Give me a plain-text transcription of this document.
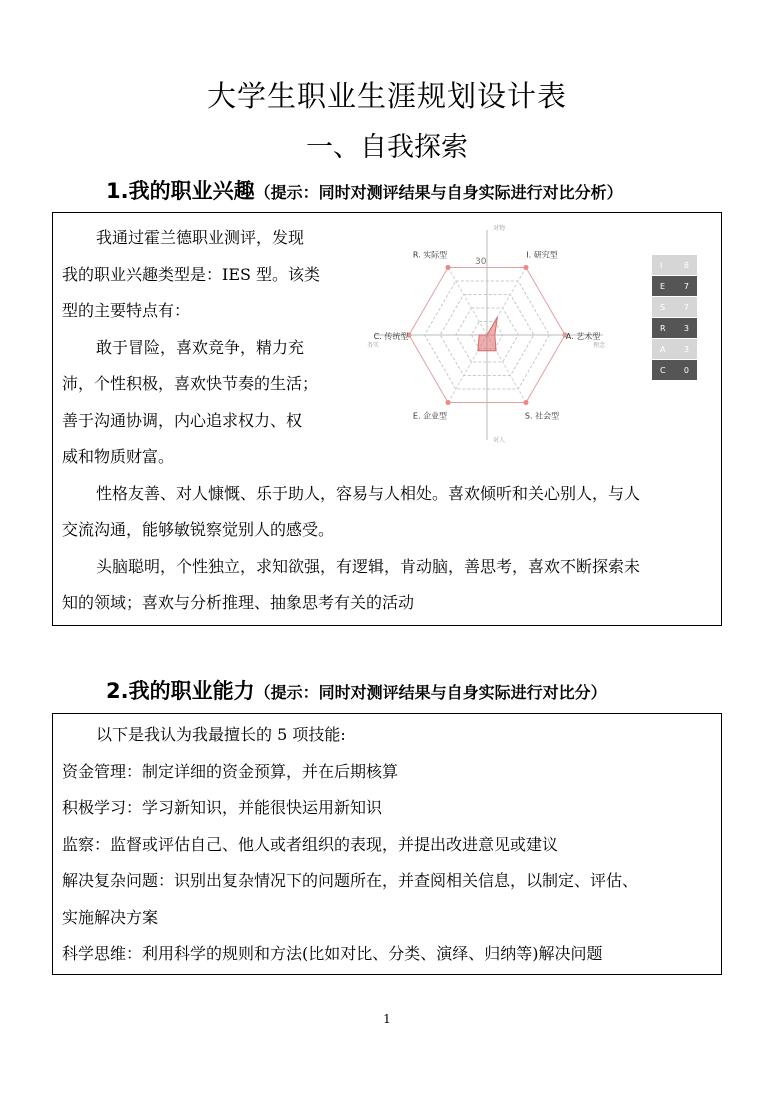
大学生职业生涯规划设计表
一、自我探索
1.我的职业兴趣（提示：同时对测评结果与自身实际进行对比分析）
我通过霍兰德职业测评，发现
我的职业兴趣类型是：IES 型。该类
型的主要特点有：
敢于冒险，喜欢竞争，精力充
沛，个性积极，喜欢快节奏的生活；
善于沟通协调，内心追求权力、权
威和物质财富。
性格友善、对人慷慨、乐于助人，容易与人相处。喜欢倾听和关心别人，与人
交流沟通，能够敏锐察觉别人的感受。
头脑聪明，个性独立，求知欲强，有逻辑，肯动脑，善思考，喜欢不断探索未
知的领域；喜欢与分析推理、抽象思考有关的活动
R. 实际型	I. 研究型
A. 艺术型
S. 社会型
E. 企业型
C. 传统型
对物
对人
务实	理念
30	I	8
E 7
S 7
R 3
A 3
C 0
2.我的职业能力（提示：同时对测评结果与自身实际进行对比分）
以下是我认为我最擅长的 5 项技能:
资金管理：制定详细的资金预算，并在后期核算
积极学习：学习新知识，并能很快运用新知识
监察：监督或评估自己、他人或者组织的表现，并提出改进意见或建议
解决复杂问题：识别出复杂情况下的问题所在，并查阅相关信息，以制定、评估、
实施解决方案
科学思维：利用科学的规则和方法(比如对比、分类、演绎、归纳等)解决问题
1
